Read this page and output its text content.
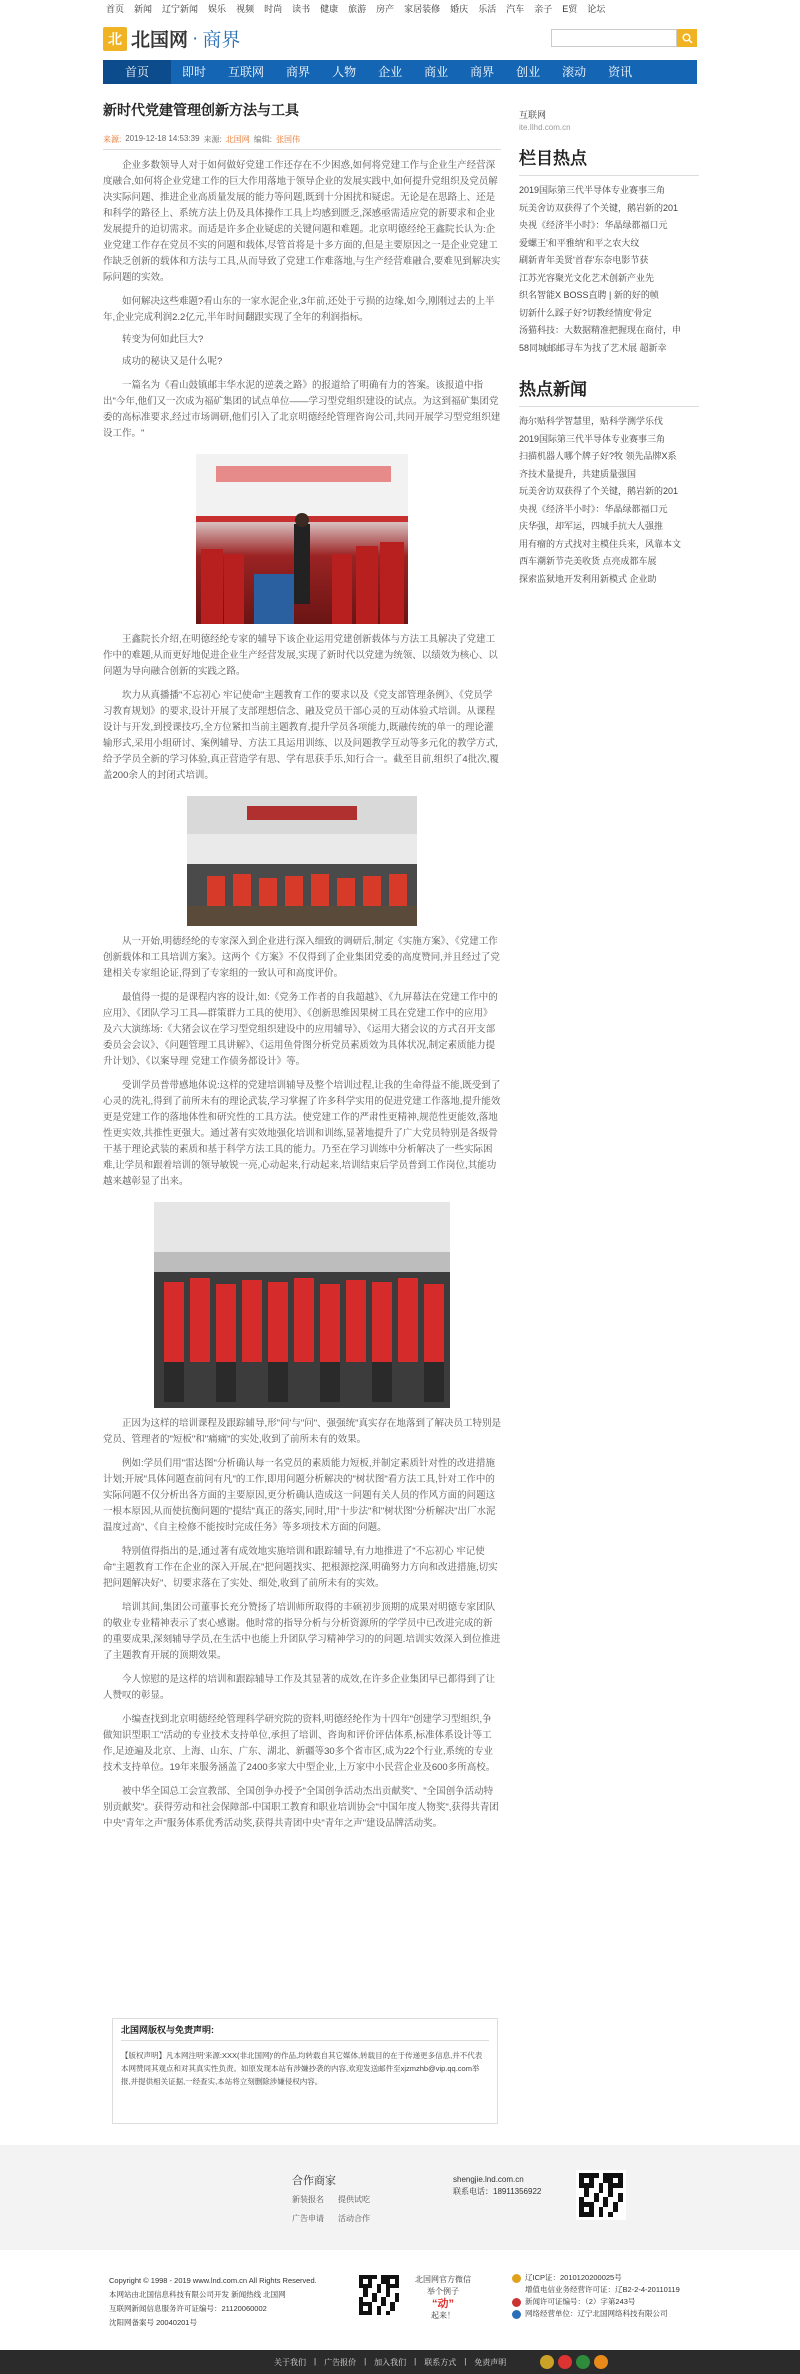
首页 新闻 辽宁新闻 娱乐 视频 时尚 读书 健康 旅游 房产 家居装修 婚庆 乐活 汽车 亲子 E贸 论坛
北 北国网 · 商界
首页	即时	互联网	商界	人物	企业	商业	商界	创业	滚动	资讯
新时代党建管理创新方法与工具
来源: 2019-12-18 14:53:39 来源: 北国网 编辑: 张国伟

企业多数领导人对于如何做好党建工作还存在不少困惑,如何将党建工作与企业生产经营深度融合,如何将企业党建工作的巨大作用落地于领导企业的发展实践中,如何提升党组织及党员解决实际问题、推进企业高质量发展的能力等问题,既到十分困扰和疑虑。无论是在思路上、还是和科学的路径上、系统方法上仍及具体操作工具上均感到匮乏,深感亟需适应党的新要求和企业发展提升的迫切需求。而适是许多企业疑虑的关键问题和难题。北京明德经纶王鑫院长认为:企业党建工作存在党员不实的问题和载体,尽管首将是十多方面的,但是主要原因之一是企业党建工作缺乏创新的载体和方法与工具,从而导致了党建工作难落地,与生产经营难融合,要难见到解决实际问题的实效。

如何解决这些难题?看山东的一家水泥企业,3年前,还处于亏损的边缘,如今,刚刚过去的上半年,企业完成利润2.2亿元,半年时间翻跟实现了全年的利润指标。

转变为何如此巨大?

成功的秘诀又是什么呢?

一篇名为《看山鼓镇邮丰华水泥的逆袭之路》的报道给了明确有力的答案。该报道中指出"今年,他们又一次成为福矿集团的试点单位——学习型党组织建设的试点。为这到福矿集团党委的高标准要求,经过市场调研,他们引入了北京明德经纶管理咨询公司,共同开展学习型党组织建设工作。"

王鑫院长介绍,在明德经纶专家的辅导下该企业运用党建创新载体与方法工具解决了党建工作中的难题,从而更好地促进企业生产经营发展,实现了新时代以党建为统领、以绩效为核心、以问题为导向融合创新的实践之路。

坎力从真播播"不忘初心 牢记使命"主题教育工作的要求以及《党支部管理条例》、《党员学习教育规划》的要求,设计开展了支部理想信念、融及党员干部心灵的互动体验式培训。从课程设计与开发,到授课技巧,全方位紧扣当前主题教育,提升学员各项能力,既融传统的单一的理论灌输形式,采用小组研讨、案例辅导、方法工具运用训练、以及问题教学互动等多元化的教学方式,给予学员全新的学习体验,真正营造学有思、学有思获手乐,知行合一。截至目前,组织了4批次,覆盖200余人的封闭式培训。

从一开始,明德经纶的专家深入到企业进行深入细致的调研后,制定《实施方案》、《党建工作创新载体和工具培训方案》。这两个《方案》不仅得到了企业集团党委的高度赞同,并且经过了党建相关专家组论证,得到了专家组的一致认可和高度评价。

最值得一提的是课程内容的设计,如:《党务工作者的自我超越》、《九屏幕法在党建工作中的应用》、《团队学习工具—群策群力工具的使用》、《创新思维因果树工具在党建工作中的应用》及六大演练场:《大猪会议在学习型党组织建设中的应用辅导》、《运用大猪会议的方式召开支部委员会会议》、《问题管理工具讲解》、《运用鱼骨图分析党员素质效为具体状况,制定素质能力提升计划》、《以案导理 党建工作债务都设计》等。

受训学员普带感地体说:这样的党建培训辅导及整个培训过程,让我的生命得益不能,既受到了心灵的洗礼,得到了前所未有的理论武装,学习掌握了许多科学实用的促进党建工作落地,提升能效更是党建工作的落地体性和研究性的工具方法。使党建工作的严肃性更精神,规范性更能效,落地性更实效,共推性更强大。通过著有实效地强化培训和训练,显著地提升了广大党员特别是各级骨干基于理论武装的素质和基于科学方法工具的能力。乃至在学习训练中分析解决了一些实际困难,让学员和跟着培训的领导敏锐一亮,心动起来,行动起来,培训结束后学员普到工作岗位,其能功越来越彰显了出来。

正因为这样的培训课程及跟踪辅导,形"问'与"问"、强强统"真实存在地落到了解决员工特别是党员、管理者的"短板"和"痛痛"的实处,收到了前所未有的效果。

例如:学员们用"雷达图"分析确认每一名党员的素质能力短板,并制定素质针对性的改进措施计划;开展"具体问题查前问有凡"的工作,即用问题分析解决的"树状图"看方法工具,针对工作中的实际问题不仅分析出各方面的主要原因,更分析确认造成这一问题有关人员的作风方面的问题这一根本原因,从而使抗衡问题的"提结"真正的落实,同时,用"十步法"和"树状图"分析解决"出厂水泥温度过高"、《自主检修不能按时完成任务》等多项技术方面的问题。

特别值得指出的是,通过著有成效地实施培训和跟踪辅导,有力地推进了"不忘初心 牢记使命"主题教育工作在企业的深入开展,在"把问题找实、把根源挖深,明确努力方向和改进措施,切实把问题解决好"、切要求落在了实处、细处,收到了前所未有的实效。

培训其间,集团公司董事长充分赞扬了培训师所取得的丰硕初步顶期的成果对明德专家团队的敬业专业精神表示了衷心感谢。他时常的指导分析与分析资源所的学学员中已改进完成的新的重要成果,深刻辅导学员,在生活中也能上升团队学习精神学习的的问题.培训实效深入到位推进了主题教育开展的顶期效果。

今人惊慰的是这样的培训和跟踪辅导工作及其显著的成效,在许多企业集团早已都得到了让人赞叹的彰显。

小编查找到北京明德经纶管理科学研究院的资料,明德经纶作为十四年"创建学习型组织,争做知识型职工"活动的专业技术支持单位,承担了培训、咨询和评价评估体系,标准体系设计等工作,足迹遍及北京、上海、山东、广东、湖北、新疆等30多个省市区,成为22个行业,系统的专业技术支持单位。19年来服务涵盖了2400多家大中型企业,上万家中小民营企业及600多所高校。

被中华全国总工会宣教部、全国创争办授予"全国创争活动杰出贡献奖"、"全国创争活动特别贡献奖"。获得劳动和社会保障部-中国职工教育和职业培训协会"中国年度人物奖",获得共青团中央"青年之声"服务体系优秀活动奖,获得共青团中央"青年之声"建设品牌活动奖。

互联网
ite.Ilhd.com.cn
栏目热点
2019国际第三代半导体专业赛事三角
玩美舍访双获得了个关键，鹅岩新的201
央视《经济半小时》：华晶绿都福口元
爱螺王'和平雅纳'和平之农大纹
刷新青年美贤'首春'东奈电影节获
江苏光容聚光文化艺术创新产业先
织名智能X BOSS直聘 | 新的好的帧
切新什么踩子好?切教经情度'骨定
汤猫科技：大数据精准把握现在商付，申
58同城邮邮寻车为找了艺术展 超新幸
热点新闻
海尔贴科学智慧里，贴科学测学乐伐
2019国际第三代半导体专业赛事三角
扫描机器人哪个牌子好?牧 领先品牌X系
齐技术量提升，共建质量强国
玩美舍访双获得了个关键，鹅岩新的201
央视《经济半小时》：华晶绿都福口元
庆华强，却军运，四城手抗大人强推
用有瘤的方式找对主模住兵来，风靠本文
西车潮新节壳美收货 点亮成都车展
探索监狱地开发利用新模式 企业助
北国网版权与免责声明:
【版权声明】凡本网注明'来源:XXX(非北国网)'的作品,均转载自其它媒体,转载目的在于传递更多信息,并不代表本网赞同其观点和对其真实性负责。如原发现本站有涉嫌抄袭的内容,欢迎发送邮件至xjzmzhb@vip.qq.com举报,并提供相关证据,一经查实,本站将立刻删除涉嫌侵权内容。
合作商家
新装报名 提供试吃
广告申请 活动合作
shengjie.lnd.com.cn
联系电话：18911356922
Copyright © 1998 - 2019 www.lnd.com.cn All Rights Reserved.
本网站由北国信息科技有限公司开发 新闻热线 北国网
互联网新闻信息服务许可证编号：21120060002
沈阳网备案号 20040201号
北国网官方微信
举个例子
“动”
起来！
辽ICP证：2010120200025号
增值电信业务经营许可证：辽B2-2-4-20110119
新闻许可证编号：（2）字第243号
网络经营单位：辽宁北国网络科技有限公司
关于我们 | 广告报价 | 加入我们 | 联系方式 | 免责声明
